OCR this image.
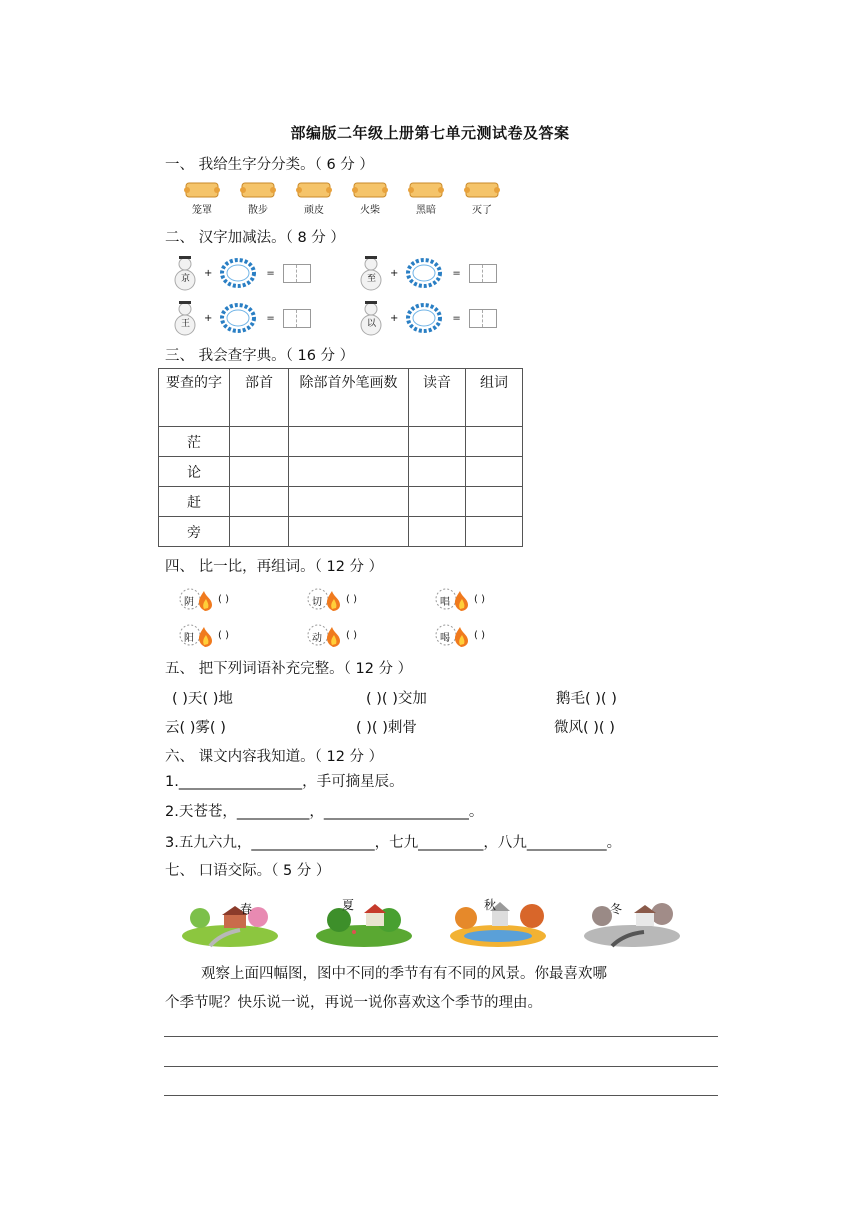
部编版二年级上册第七单元测试卷及答案
一、 我给生字分分类。（ 6 分 ）
笼罩	散步	顽皮	火柴	黑暗	灭了
二、 汉字加减法。（ 8 分 ）
京
+	=
至
+	=
王
+	=
以
+	=
三、 我会查字典。（ 16 分 ）
要查的字	部首	除部首外笔画数	读音	组词
茫				
论				
赶				
旁				
四、 比一比，再组词。（ 12 分 ）
阴 ( )	切 ( )	唱 ( )
阳 ( )	动 ( )	喝 ( )
五、 把下列词语补充完整。（ 12 分 ）
( )天( )地	( )( )交加	鹅毛( )( )
云( )雾( )	( )( )刺骨	微风( )( )
六、 课文内容我知道。（ 12 分 ）
1._________________，手可摘星辰。
2.天苍苍，__________，____________________。
3.五九六九，_________________，七九_________，八九___________。
七、 口语交际。（ 5 分 ）
春	夏	秋	冬
观察上面四幅图，图中不同的季节有有不同的风景。你最喜欢哪
个季节呢？快乐说一说，再说一说你喜欢这个季节的理由。
